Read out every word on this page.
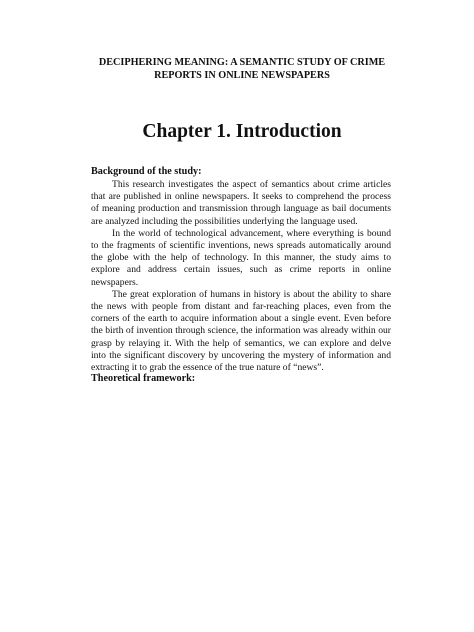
DECIPHERING MEANING: A SEMANTIC STUDY OF CRIME
REPORTS IN ONLINE NEWSPAPERS
Chapter 1. Introduction
Background of the study:

This research investigates the aspect of semantics about crime articles that are published in online newspapers. It seeks to comprehend the process of meaning production and transmission through language as bail documents are analyzed including the possibilities underlying the language used.

In the world of technological advancement, where everything is bound to the fragments of scientific inventions, news spreads automatically around the globe with the help of technology. In this manner, the study aims to explore and address certain issues, such as crime reports in online newspapers.

The great exploration of humans in history is about the ability to share the news with people from distant and far-reaching places, even from the corners of the earth to acquire information about a single event. Even before the birth of invention through science, the information was already within our grasp by relaying it. With the help of semantics, we can explore and delve into the significant discovery by uncovering the mystery of information and extracting it to grab the essence of the true nature of “news”.

Theoretical framework:
